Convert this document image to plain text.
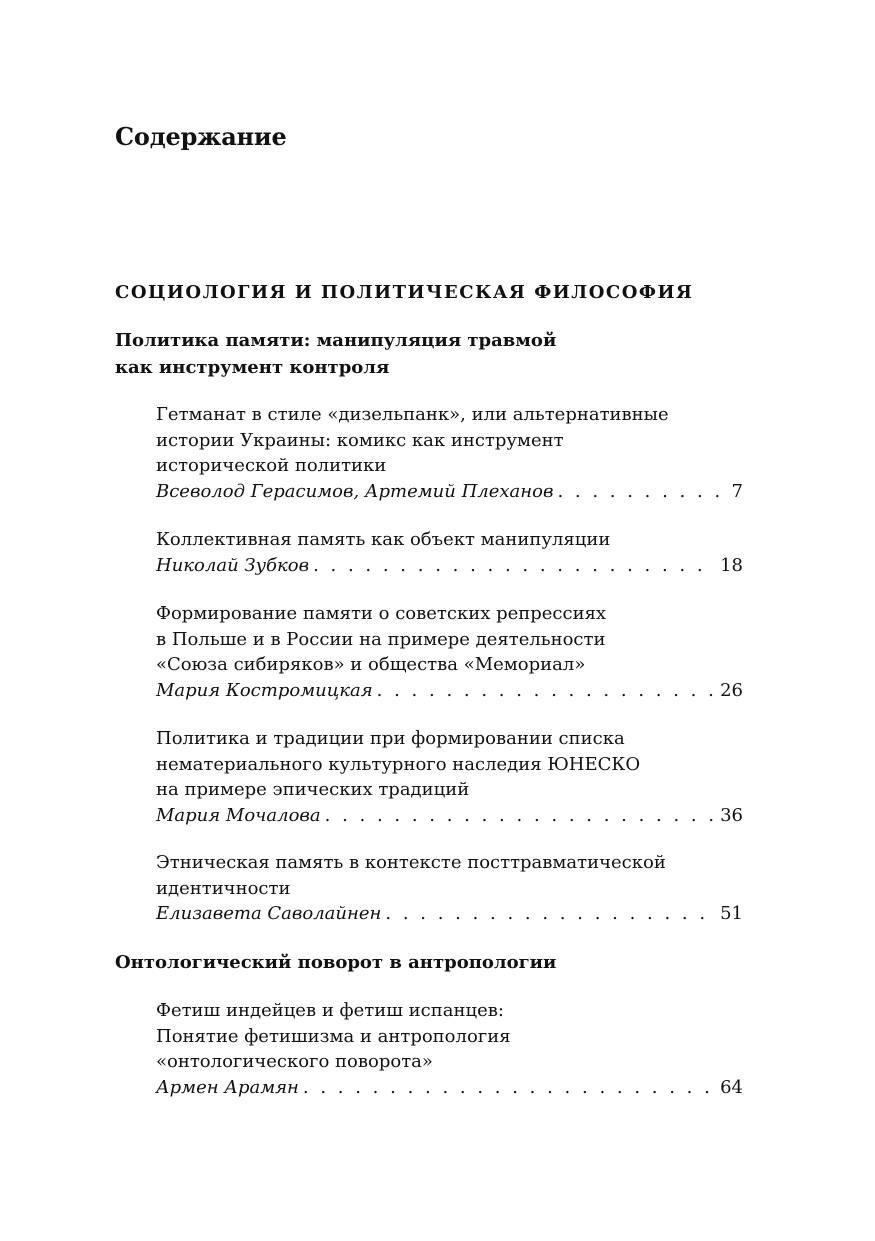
Содержание
СОЦИОЛОГИЯ И ПОЛИТИЧЕСКАЯ ФИЛОСОФИЯ
Политика памяти: манипуляция травмой
как инструмент контроля
Гетманат в стиле «дизельпанк», или альтернативные
истории Украины: комикс как инструмент
исторической политики
Всеволод Герасимов, Артемий Плеханов . . .	7
Коллективная память как объект манипуляции
Николай Зубков . . .	18
Формирование памяти о советских репрессиях
в Польше и в России на примере деятельности
«Союза сибиряков» и общества «Мемориал»
Мария Костромицкая . . .	26
Политика и традиции при формировании списка
нематериального культурного наследия ЮНЕСКО
на примере эпических традиций
Мария Мочалова . . .	36
Этническая память в контексте посттравматической
идентичности
Елизавета Саволайнен . . .	51
Онтологический поворот в антропологии
Фетиш индейцев и фетиш испанцев:
Понятие фетишизма и антропология
«онтологического поворота»
Армен Арамян . . .	64
